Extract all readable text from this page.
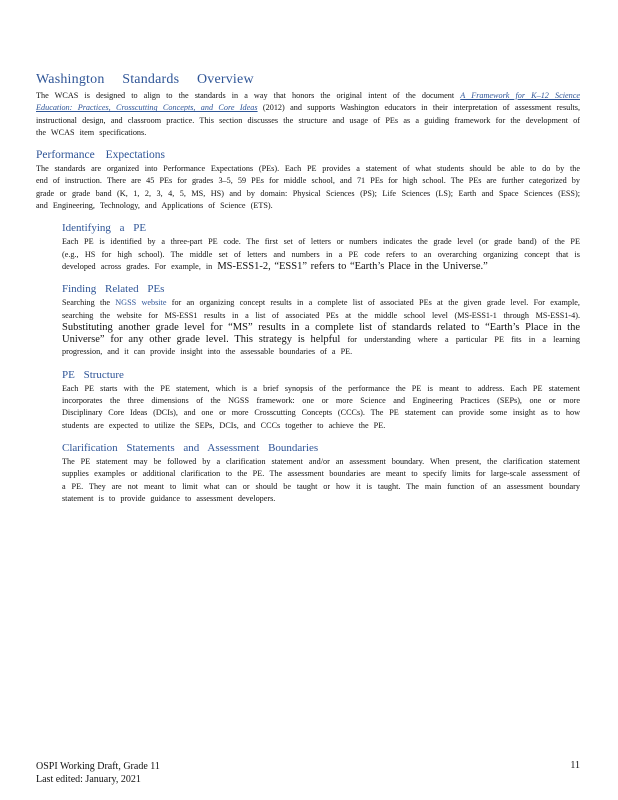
Washington Standards Overview

The WCAS is designed to align to the standards in a way that honors the original intent of the document A Framework for K–12 Science Education: Practices, Crosscutting Concepts, and Core Ideas (2012) and supports Washington educators in their interpretation of assessment results, instructional design, and classroom practice. This section discusses the structure and usage of PEs as a guiding framework for the development of the WCAS item specifications.

Performance Expectations

The standards are organized into Performance Expectations (PEs). Each PE provides a statement of what students should be able to do by the end of instruction. There are 45 PEs for grades 3–5, 59 PEs for middle school, and 71 PEs for high school. The PEs are further categorized by grade or grade band (K, 1, 2, 3, 4, 5, MS, HS) and by domain: Physical Sciences (PS); Life Sciences (LS); Earth and Space Sciences (ESS); and Engineering, Technology, and Applications of Science (ETS).

Identifying a PE

Each PE is identified by a three-part PE code. The first set of letters or numbers indicates the grade level (or grade band) of the PE (e.g., HS for high school). The middle set of letters and numbers in a PE code refers to an overarching organizing concept that is developed across grades. For example, in MS-ESS1-2, “ESS1” refers to “Earth’s Place in the Universe.”

Finding Related PEs

Searching the NGSS website for an organizing concept results in a complete list of associated PEs at the given grade level. For example, searching the website for MS-ESS1 results in a list of associated PEs at the middle school level (MS-ESS1-1 through MS-ESS1-4). Substituting another grade level for “MS” results in a complete list of standards related to “Earth’s Place in the Universe” for any other grade level. This strategy is helpful for understanding where a particular PE fits in a learning progression, and it can provide insight into the assessable boundaries of a PE.

PE Structure

Each PE starts with the PE statement, which is a brief synopsis of the performance the PE is meant to address. Each PE statement incorporates the three dimensions of the NGSS framework: one or more Science and Engineering Practices (SEPs), one or more Disciplinary Core Ideas (DCIs), and one or more Crosscutting Concepts (CCCs). The PE statement can provide some insight as to how students are expected to utilize the SEPs, DCIs, and CCCs together to achieve the PE.

Clarification Statements and Assessment Boundaries

The PE statement may be followed by a clarification statement and/or an assessment boundary. When present, the clarification statement supplies examples or additional clarification to the PE. The assessment boundaries are meant to specify limits for large-scale assessment of a PE. They are not meant to limit what can or should be taught or how it is taught. The main function of an assessment boundary statement is to provide guidance to assessment developers.

OSPI Working Draft, Grade 11
Last edited: January, 2021
11
